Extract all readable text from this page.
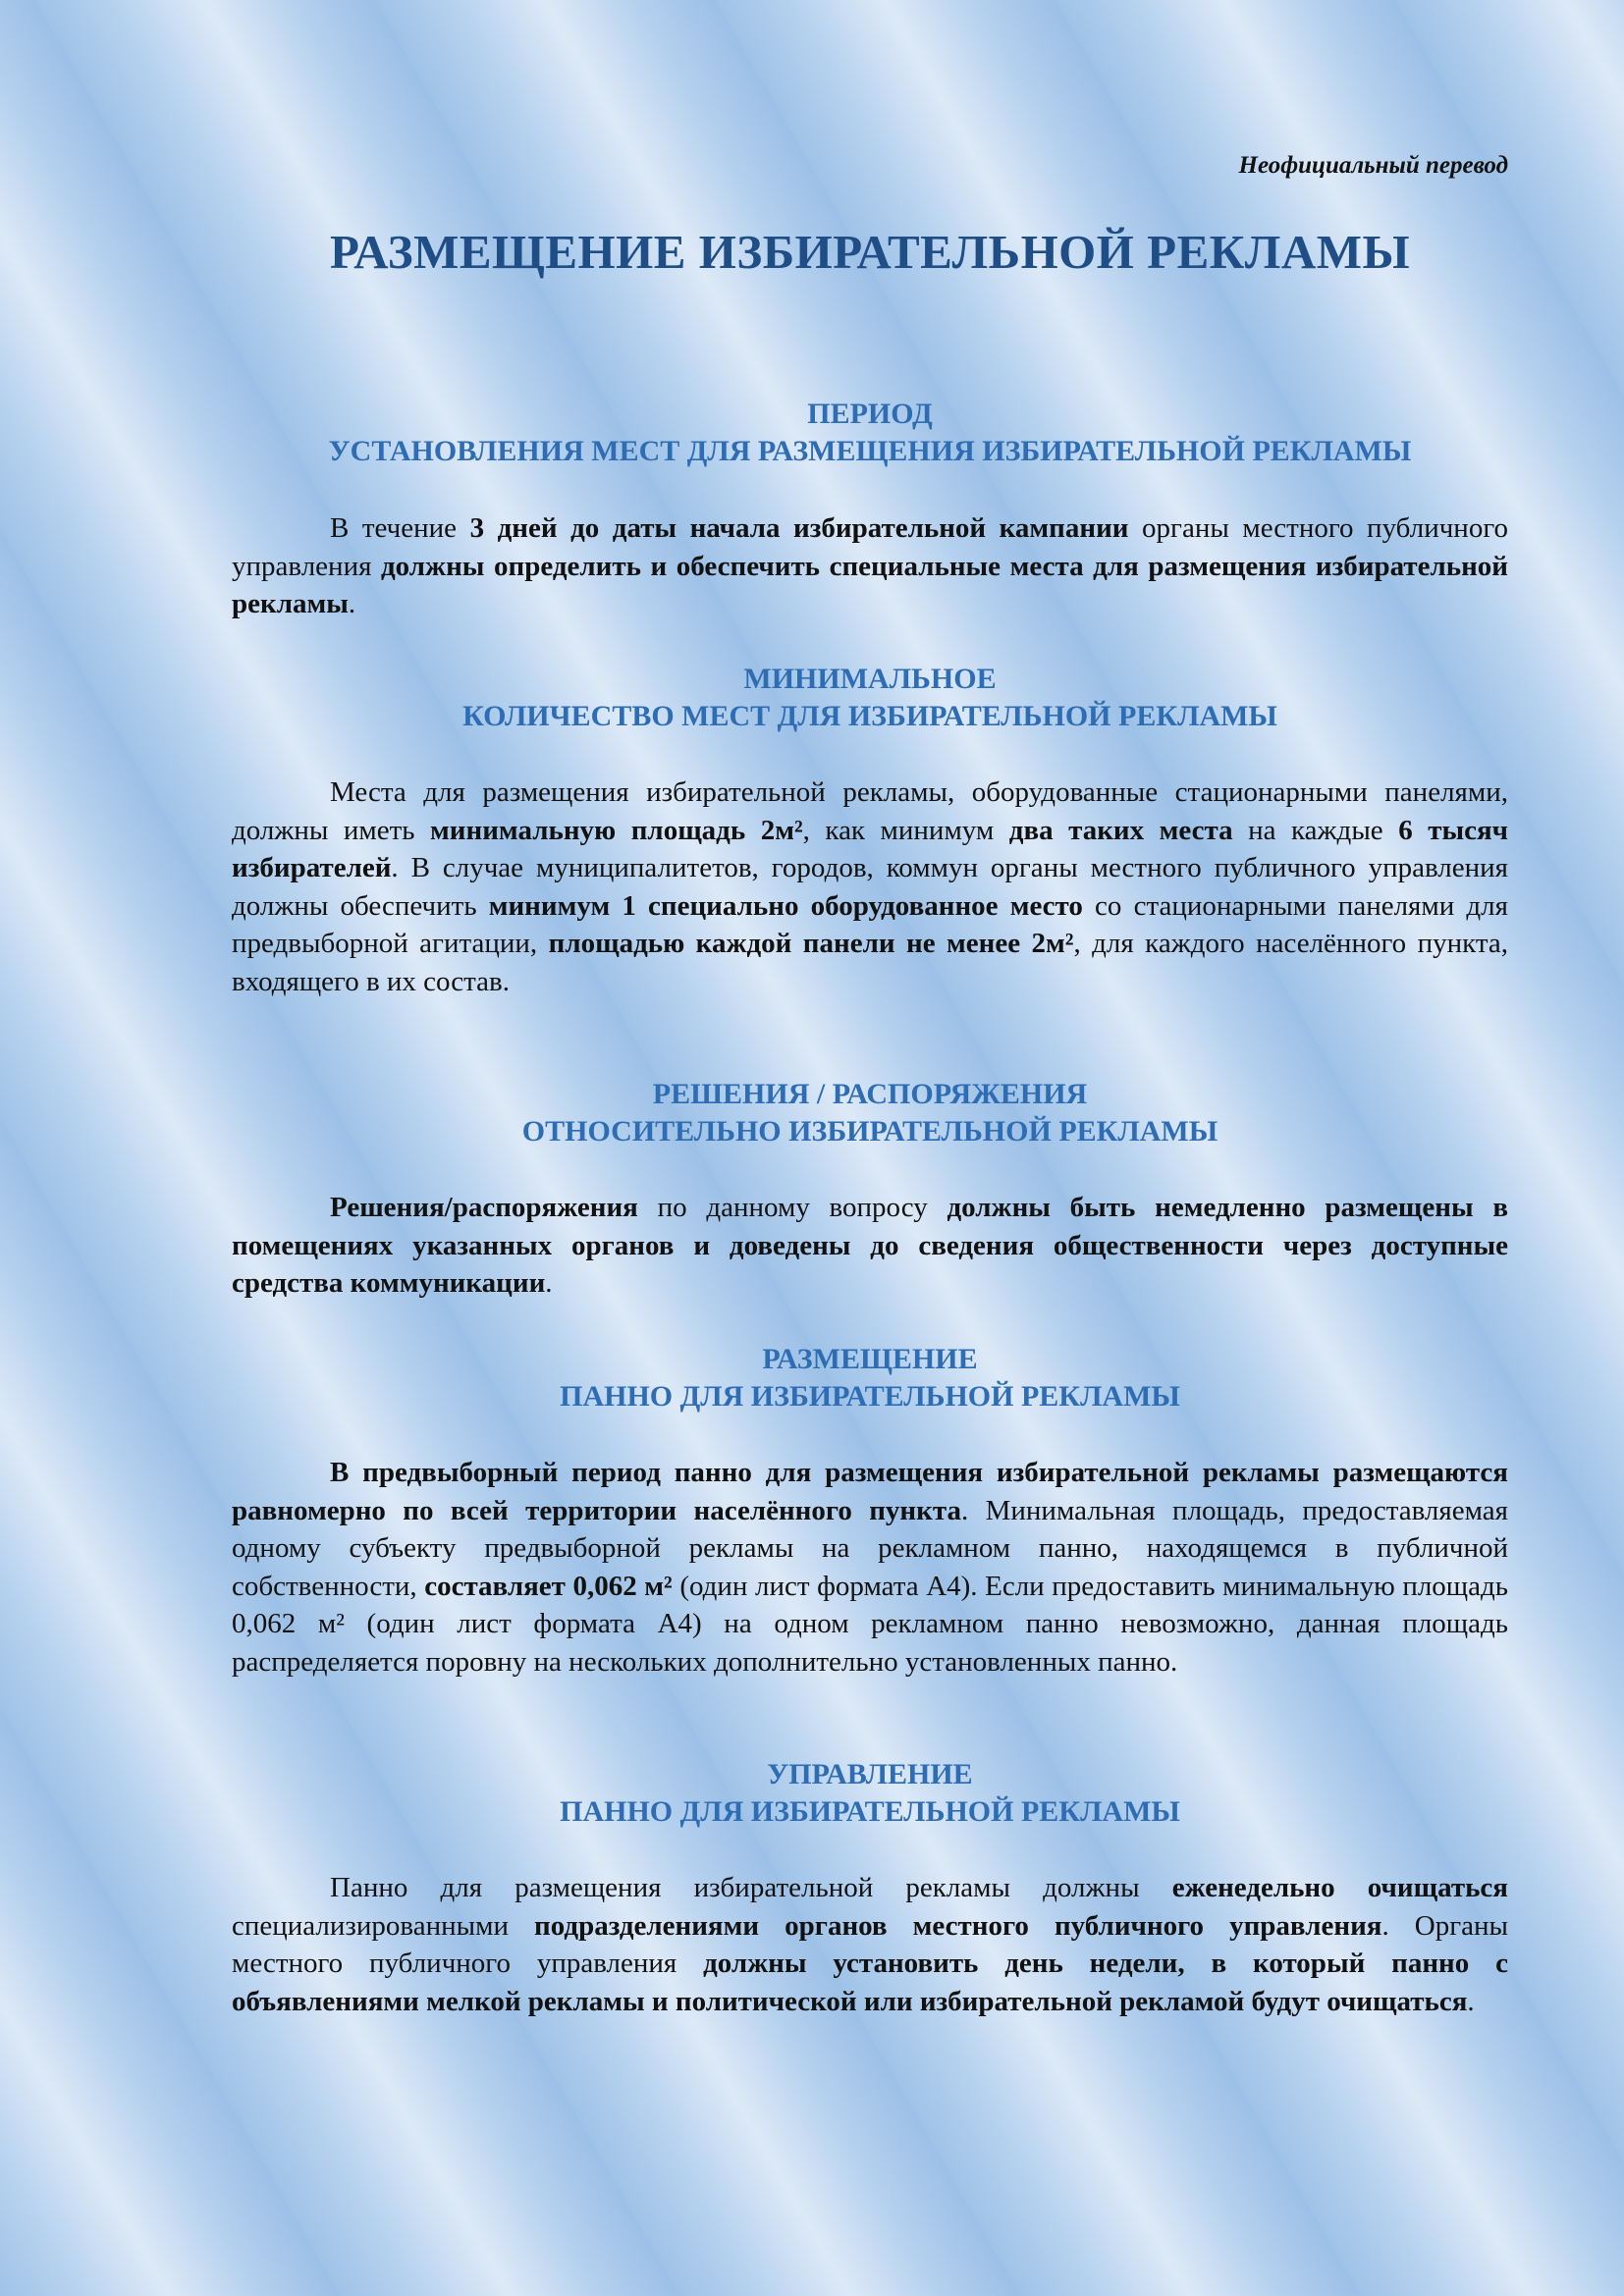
Неофициальный перевод
РАЗМЕЩЕНИЕ ИЗБИРАТЕЛЬНОЙ РЕКЛАМЫ
ПЕРИОД
УСТАНОВЛЕНИЯ МЕСТ ДЛЯ РАЗМЕЩЕНИЯ ИЗБИРАТЕЛЬНОЙ РЕКЛАМЫ
В течение 3 дней до даты начала избирательной кампании органы местного публичного управления должны определить и обеспечить специальные места для размещения избирательной рекламы.
МИНИМАЛЬНОЕ
КОЛИЧЕСТВО МЕСТ ДЛЯ ИЗБИРАТЕЛЬНОЙ РЕКЛАМЫ
Места для размещения избирательной рекламы, оборудованные стационарными панелями, должны иметь минимальную площадь 2м², как минимум два таких места на каждые 6 тысяч избирателей. В случае муниципалитетов, городов, коммун органы местного публичного управления должны обеспечить минимум 1 специально оборудованное место со стационарными панелями для предвыборной агитации, площадью каждой панели не менее 2м², для каждого населённого пункта, входящего в их состав.
РЕШЕНИЯ / РАСПОРЯЖЕНИЯ
ОТНОСИТЕЛЬНО ИЗБИРАТЕЛЬНОЙ РЕКЛАМЫ
Решения/распоряжения по данному вопросу должны быть немедленно размещены в помещениях указанных органов и доведены до сведения общественности через доступные средства коммуникации.
РАЗМЕЩЕНИЕ
ПАННО ДЛЯ ИЗБИРАТЕЛЬНОЙ РЕКЛАМЫ
В предвыборный период панно для размещения избирательной рекламы размещаются равномерно по всей территории населённого пункта. Минимальная площадь, предоставляемая одному субъекту предвыборной рекламы на рекламном панно, находящемся в публичной собственности, составляет 0,062 м² (один лист формата A4). Если предоставить минимальную площадь 0,062 м² (один лист формата A4) на одном рекламном панно невозможно, данная площадь распределяется поровну на нескольких дополнительно установленных панно.
УПРАВЛЕНИЕ
ПАННО ДЛЯ ИЗБИРАТЕЛЬНОЙ РЕКЛАМЫ
Панно для размещения избирательной рекламы должны еженедельно очищаться специализированными подразделениями органов местного публичного управления. Органы местного публичного управления должны установить день недели, в который панно с объявлениями мелкой рекламы и политической или избирательной рекламой будут очищаться.
